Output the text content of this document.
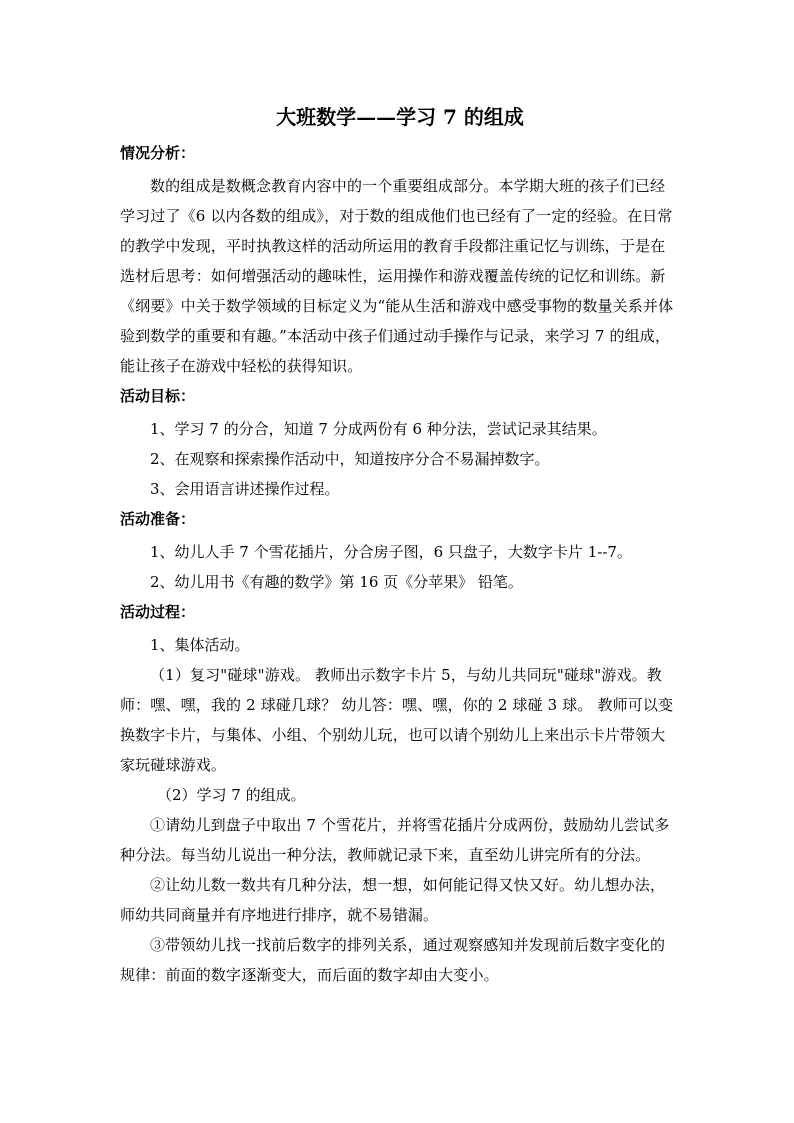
大班数学——学习 7 的组成
情况分析：

数的组成是数概念教育内容中的一个重要组成部分。本学期大班的孩子们已经学习过了《6 以内各数的组成》，对于数的组成他们也已经有了一定的经验。在日常的教学中发现，平时执教这样的活动所运用的教育手段都注重记忆与训练，于是在选材后思考：如何增强活动的趣味性，运用操作和游戏覆盖传统的记忆和训练。新《纲要》中关于数学领域的目标定义为“能从生活和游戏中感受事物的数量关系并体验到数学的重要和有趣。”本活动中孩子们通过动手操作与记录，来学习 7 的组成，能让孩子在游戏中轻松的获得知识。

活动目标：

1、学习 7 的分合，知道 7 分成两份有 6 种分法，尝试记录其结果。

2、在观察和探索操作活动中，知道按序分合不易漏掉数字。

3、会用语言讲述操作过程。

活动准备：

1、幼儿人手 7 个雪花插片，分合房子图，6 只盘子，大数字卡片 1--7。

2、幼儿用书《有趣的数学》第 16 页《分苹果》 铅笔。

活动过程：

1、集体活动。

（1）复习"碰球"游戏。 教师出示数字卡片 5，与幼儿共同玩"碰球"游戏。教师：嘿、嘿，我的 2 球碰几球？ 幼儿答：嘿、嘿，你的 2 球碰 3 球。 教师可以变换数字卡片，与集体、小组、个别幼儿玩，也可以请个别幼儿上来出示卡片带领大家玩碰球游戏。

（2）学习 7 的组成。

①请幼儿到盘子中取出 7 个雪花片，并将雪花插片分成两份，鼓励幼儿尝试多种分法。每当幼儿说出一种分法，教师就记录下来，直至幼儿讲完所有的分法。

②让幼儿数一数共有几种分法，想一想，如何能记得又快又好。幼儿想办法，师幼共同商量并有序地进行排序，就不易错漏。

③带领幼儿找一找前后数字的排列关系，通过观察感知并发现前后数字变化的规律：前面的数字逐渐变大，而后面的数字却由大变小。
